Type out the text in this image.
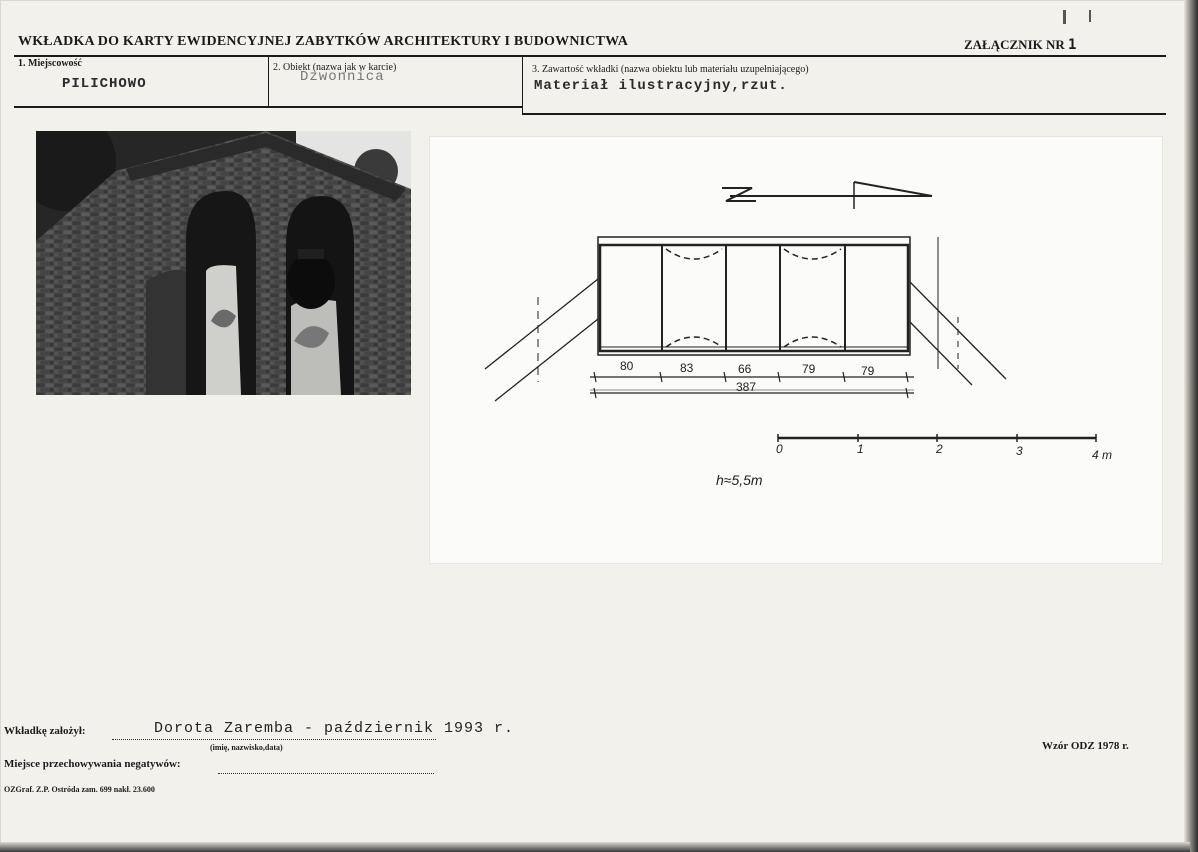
WKŁADKA DO KARTY EWIDENCYJNEJ ZABYTKÓW ARCHITEKTURY I BUDOWNICTWA	ZAŁĄCZNIK NR 1
1. Miejscowość
PILICHOWO
2. Obiekt (nazwa jak w karcie)
Dzwonnica	3. Zawartość wkładki (nazwa obiektu lub materiału uzupełniającego)
Materiał ilustracyjny,rzut.
80	83	66	79	79
387
0	1	2	3	4 m
h≈5,5m
Wkładkę założył:	Dorota Zaremba - październik 1993 r.
(imię, nazwisko,data)
Miejsce przechowywania negatywów:
OZGraf. Z.P. Ostróda zam. 699 nakł. 23.600
Wzór ODZ 1978 r.
